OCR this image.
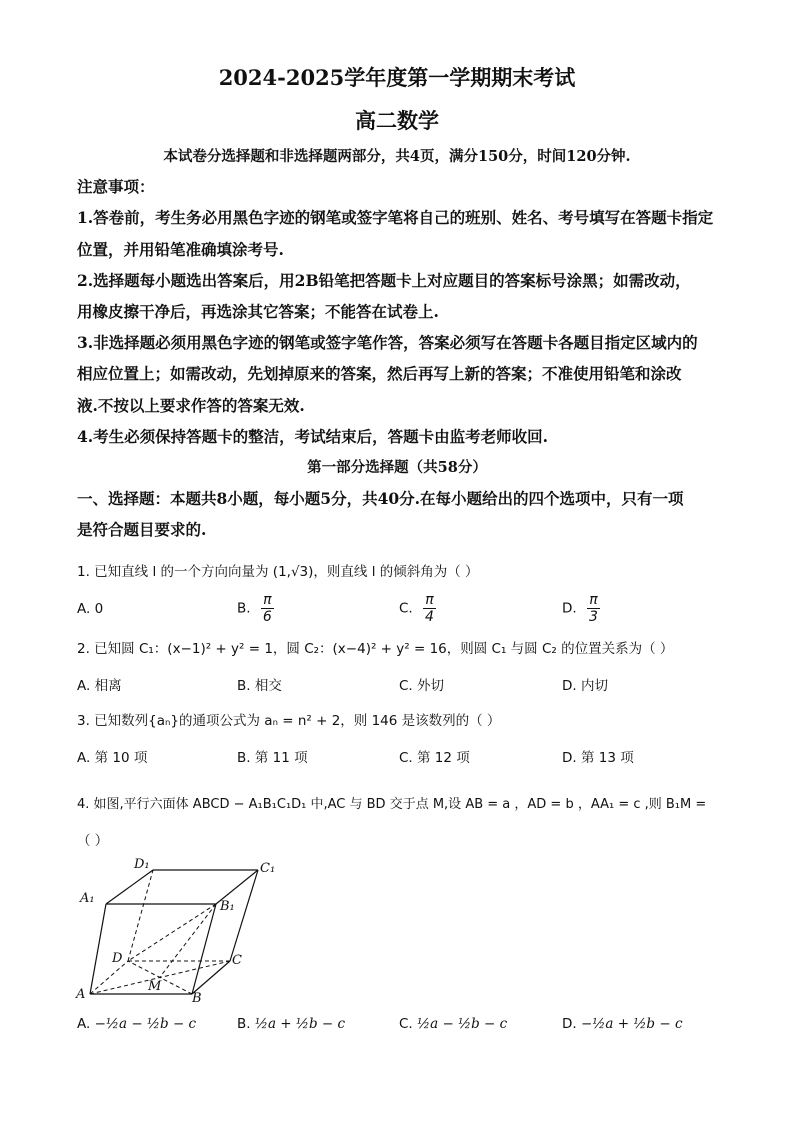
2024-2025学年度第一学期期末考试
高二数学
本试卷分选择题和非选择题两部分，共4页，满分150分，时间120分钟.
注意事项：
1.答卷前，考生务必用黑色字迹的钢笔或签字笔将自己的班别、姓名、考号填写在答题卡指定
位置，并用铅笔准确填涂考号.
2.选择题每小题选出答案后，用2B铅笔把答题卡上对应题目的答案标号涂黑；如需改动，
用橡皮擦干净后，再选涂其它答案；不能答在试卷上.
3.非选择题必须用黑色字迹的钢笔或签字笔作答，答案必须写在答题卡各题目指定区域内的
相应位置上；如需改动，先划掉原来的答案，然后再写上新的答案；不准使用铅笔和涂改
液.不按以上要求作答的答案无效.
4.考生必须保持答题卡的整洁，考试结束后，答题卡由监考老师收回.
第一部分选择题（共58分）
一、选择题：本题共8小题，每小题5分，共40分.在每小题给出的四个选项中，只有一项
是符合题目要求的.
1. 已知直线 l 的一个方向向量为 (1,√3)，则直线 l 的倾斜角为（ ）
A. 0	B. $\frac{\pi}{6}$	C. $\frac{\pi}{4}$	D. $\frac{\pi}{3}$
2. 已知圆 C₁：(x−1)² + y² = 1，圆 C₂：(x−4)² + y² = 16，则圆 C₁ 与圆 C₂ 的位置关系为（ ）
A. 相离	B. 相交	C. 外切	D. 内切
3. 已知数列{aₙ}的通项公式为 aₙ = n² + 2，则 146 是该数列的（ ）
A. 第 10 项	B. 第 11 项	C. 第 12 项	D. 第 13 项
4. 如图,平行六面体 ABCD − A₁B₁C₁D₁ 中,AC 与 BD 交于点 M,设 AB = a ，AD = b ，AA₁ = c ,则 B₁M =
（ ）
D₁	C₁
A₁
B₁
D	C
M
A	B
A. −½a − ½b − c	B. ½a + ½b − c	C. ½a − ½b − c	D. −½a + ½b − c
